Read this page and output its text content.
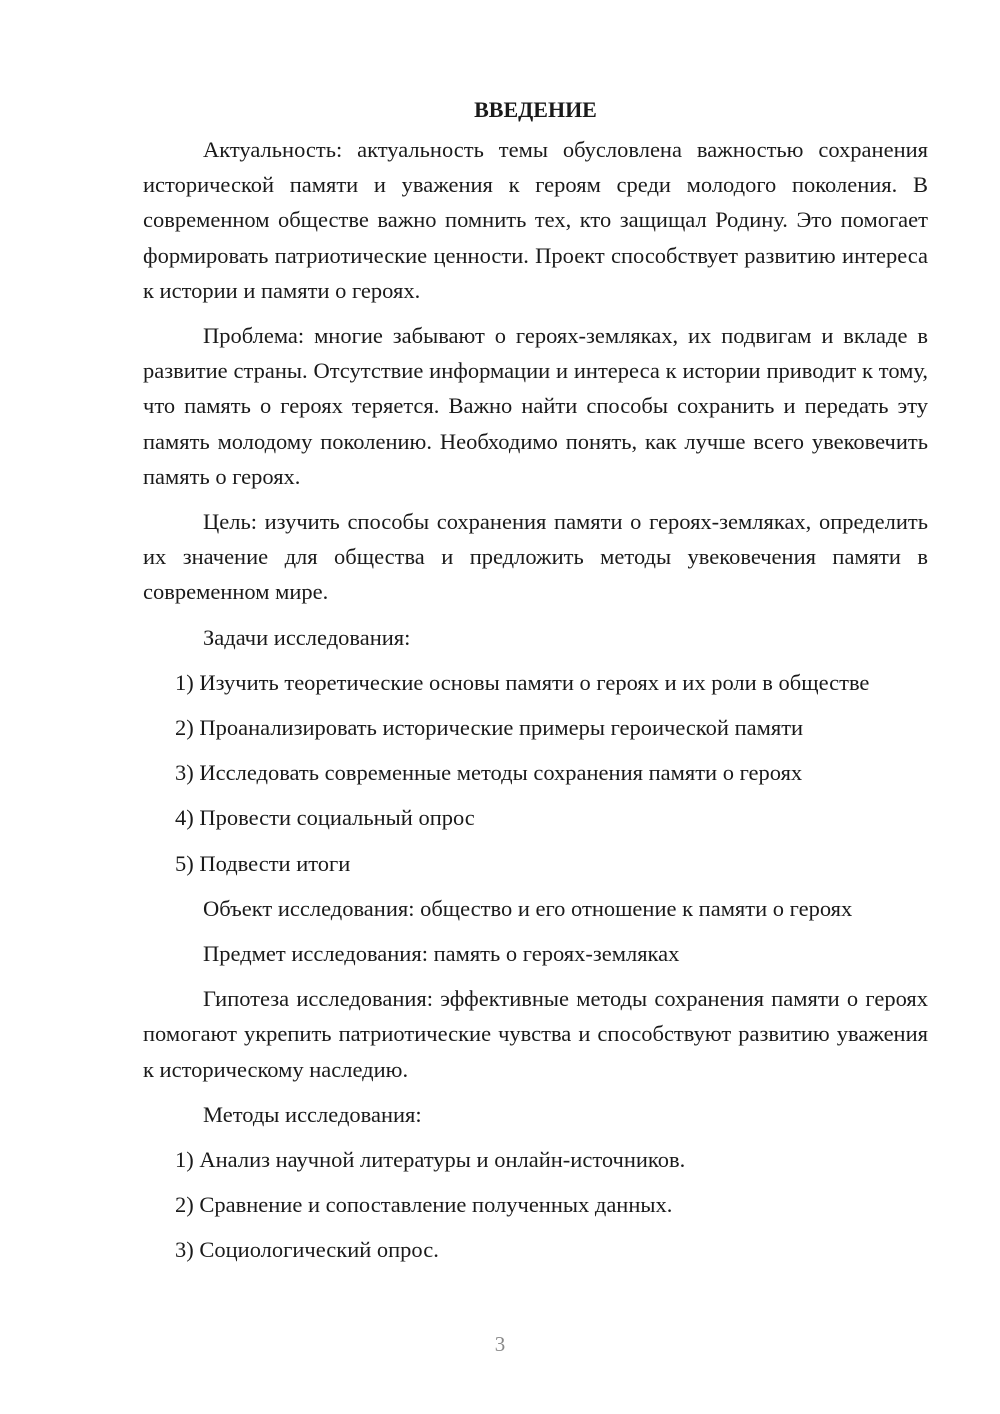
ВВЕДЕНИЕ

Актуальность: актуальность темы обусловлена важностью сохранения исторической памяти и уважения к героям среди молодого поколения. В современном обществе важно помнить тех, кто защищал Родину. Это помогает формировать патриотические ценности. Проект способствует развитию интереса к истории и памяти о героях.

Проблема: многие забывают о героях-земляках, их подвигам и вкладе в развитие страны. Отсутствие информации и интереса к истории приводит к тому, что память о героях теряется. Важно найти способы сохранить и передать эту память молодому поколению. Необходимо понять, как лучше всего увековечить память о героях.

Цель: изучить способы сохранения памяти о героях-земляках, определить их значение для общества и предложить методы увековечения памяти в современном мире.

Задачи исследования:

1) Изучить теоретические основы памяти о героях и их роли в обществе

2) Проанализировать исторические примеры героической памяти
3) Исследовать современные методы сохранения памяти о героях
4) Провести социальный опрос
5) Подвести итоги
Объект исследования: общество и его отношение к памяти о героях
Предмет исследования: память о героях-земляках

Гипотеза исследования: эффективные методы сохранения памяти о героях помогают укрепить патриотические чувства и способствуют развитию уважения к историческому наследию.

Методы исследования:
1) Анализ научной литературы и онлайн-источников.
2) Сравнение и сопоставление полученных данных.
3) Социологический опрос.
3
